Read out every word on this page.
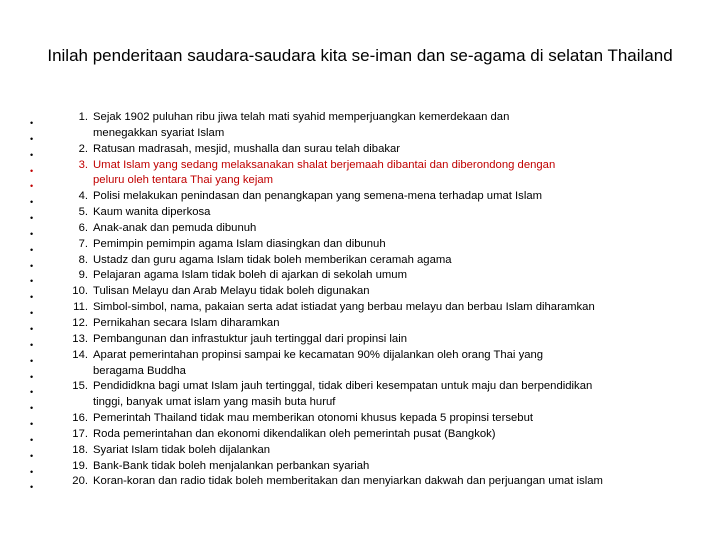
Inilah penderitaan saudara-saudara kita se-iman dan se-agama di selatan Thailand
•
•
•
•
•
•
•
•
•
•
•
•
•
•
•
•
•
•
•
•
•
•
•
•
1. Sejak 1902 puluhan ribu jiwa telah mati syahid memperjuangkan kemerdekaan dan
menegakkan syariat Islam
2. Ratusan madrasah, mesjid, mushalla dan surau telah dibakar
3. Umat Islam yang sedang melaksanakan shalat berjemaah dibantai dan diberondong dengan
peluru oleh tentara Thai yang kejam
4. Polisi melakukan penindasan dan penangkapan yang semena-mena terhadap umat Islam
5. Kaum wanita diperkosa
6. Anak-anak dan pemuda dibunuh
7. Pemimpin pemimpin agama Islam diasingkan dan dibunuh
8. Ustadz dan guru agama Islam tidak boleh memberikan ceramah agama
9. Pelajaran agama Islam tidak boleh di ajarkan di sekolah umum
10. Tulisan Melayu dan Arab Melayu tidak boleh digunakan
11. Simbol-simbol, nama, pakaian serta adat istiadat yang berbau melayu dan berbau Islam diharamkan
12. Pernikahan secara Islam diharamkan
13. Pembangunan dan infrastuktur jauh tertinggal dari propinsi lain
14. Aparat pemerintahan propinsi sampai ke kecamatan 90% dijalankan oleh orang Thai yang
beragama Buddha
15. Pendididkna bagi umat Islam jauh tertinggal, tidak diberi kesempatan untuk maju dan berpendidikan
tinggi, banyak umat islam yang masih buta huruf
16. Pemerintah Thailand tidak mau memberikan otonomi khusus kepada 5 propinsi tersebut
17. Roda pemerintahan dan ekonomi dikendalikan oleh pemerintah pusat (Bangkok)
18. Syariat Islam tidak boleh dijalankan
19. Bank-Bank tidak boleh menjalankan perbankan syariah
20. Koran-koran dan radio tidak boleh memberitakan dan menyiarkan dakwah dan perjuangan umat islam
